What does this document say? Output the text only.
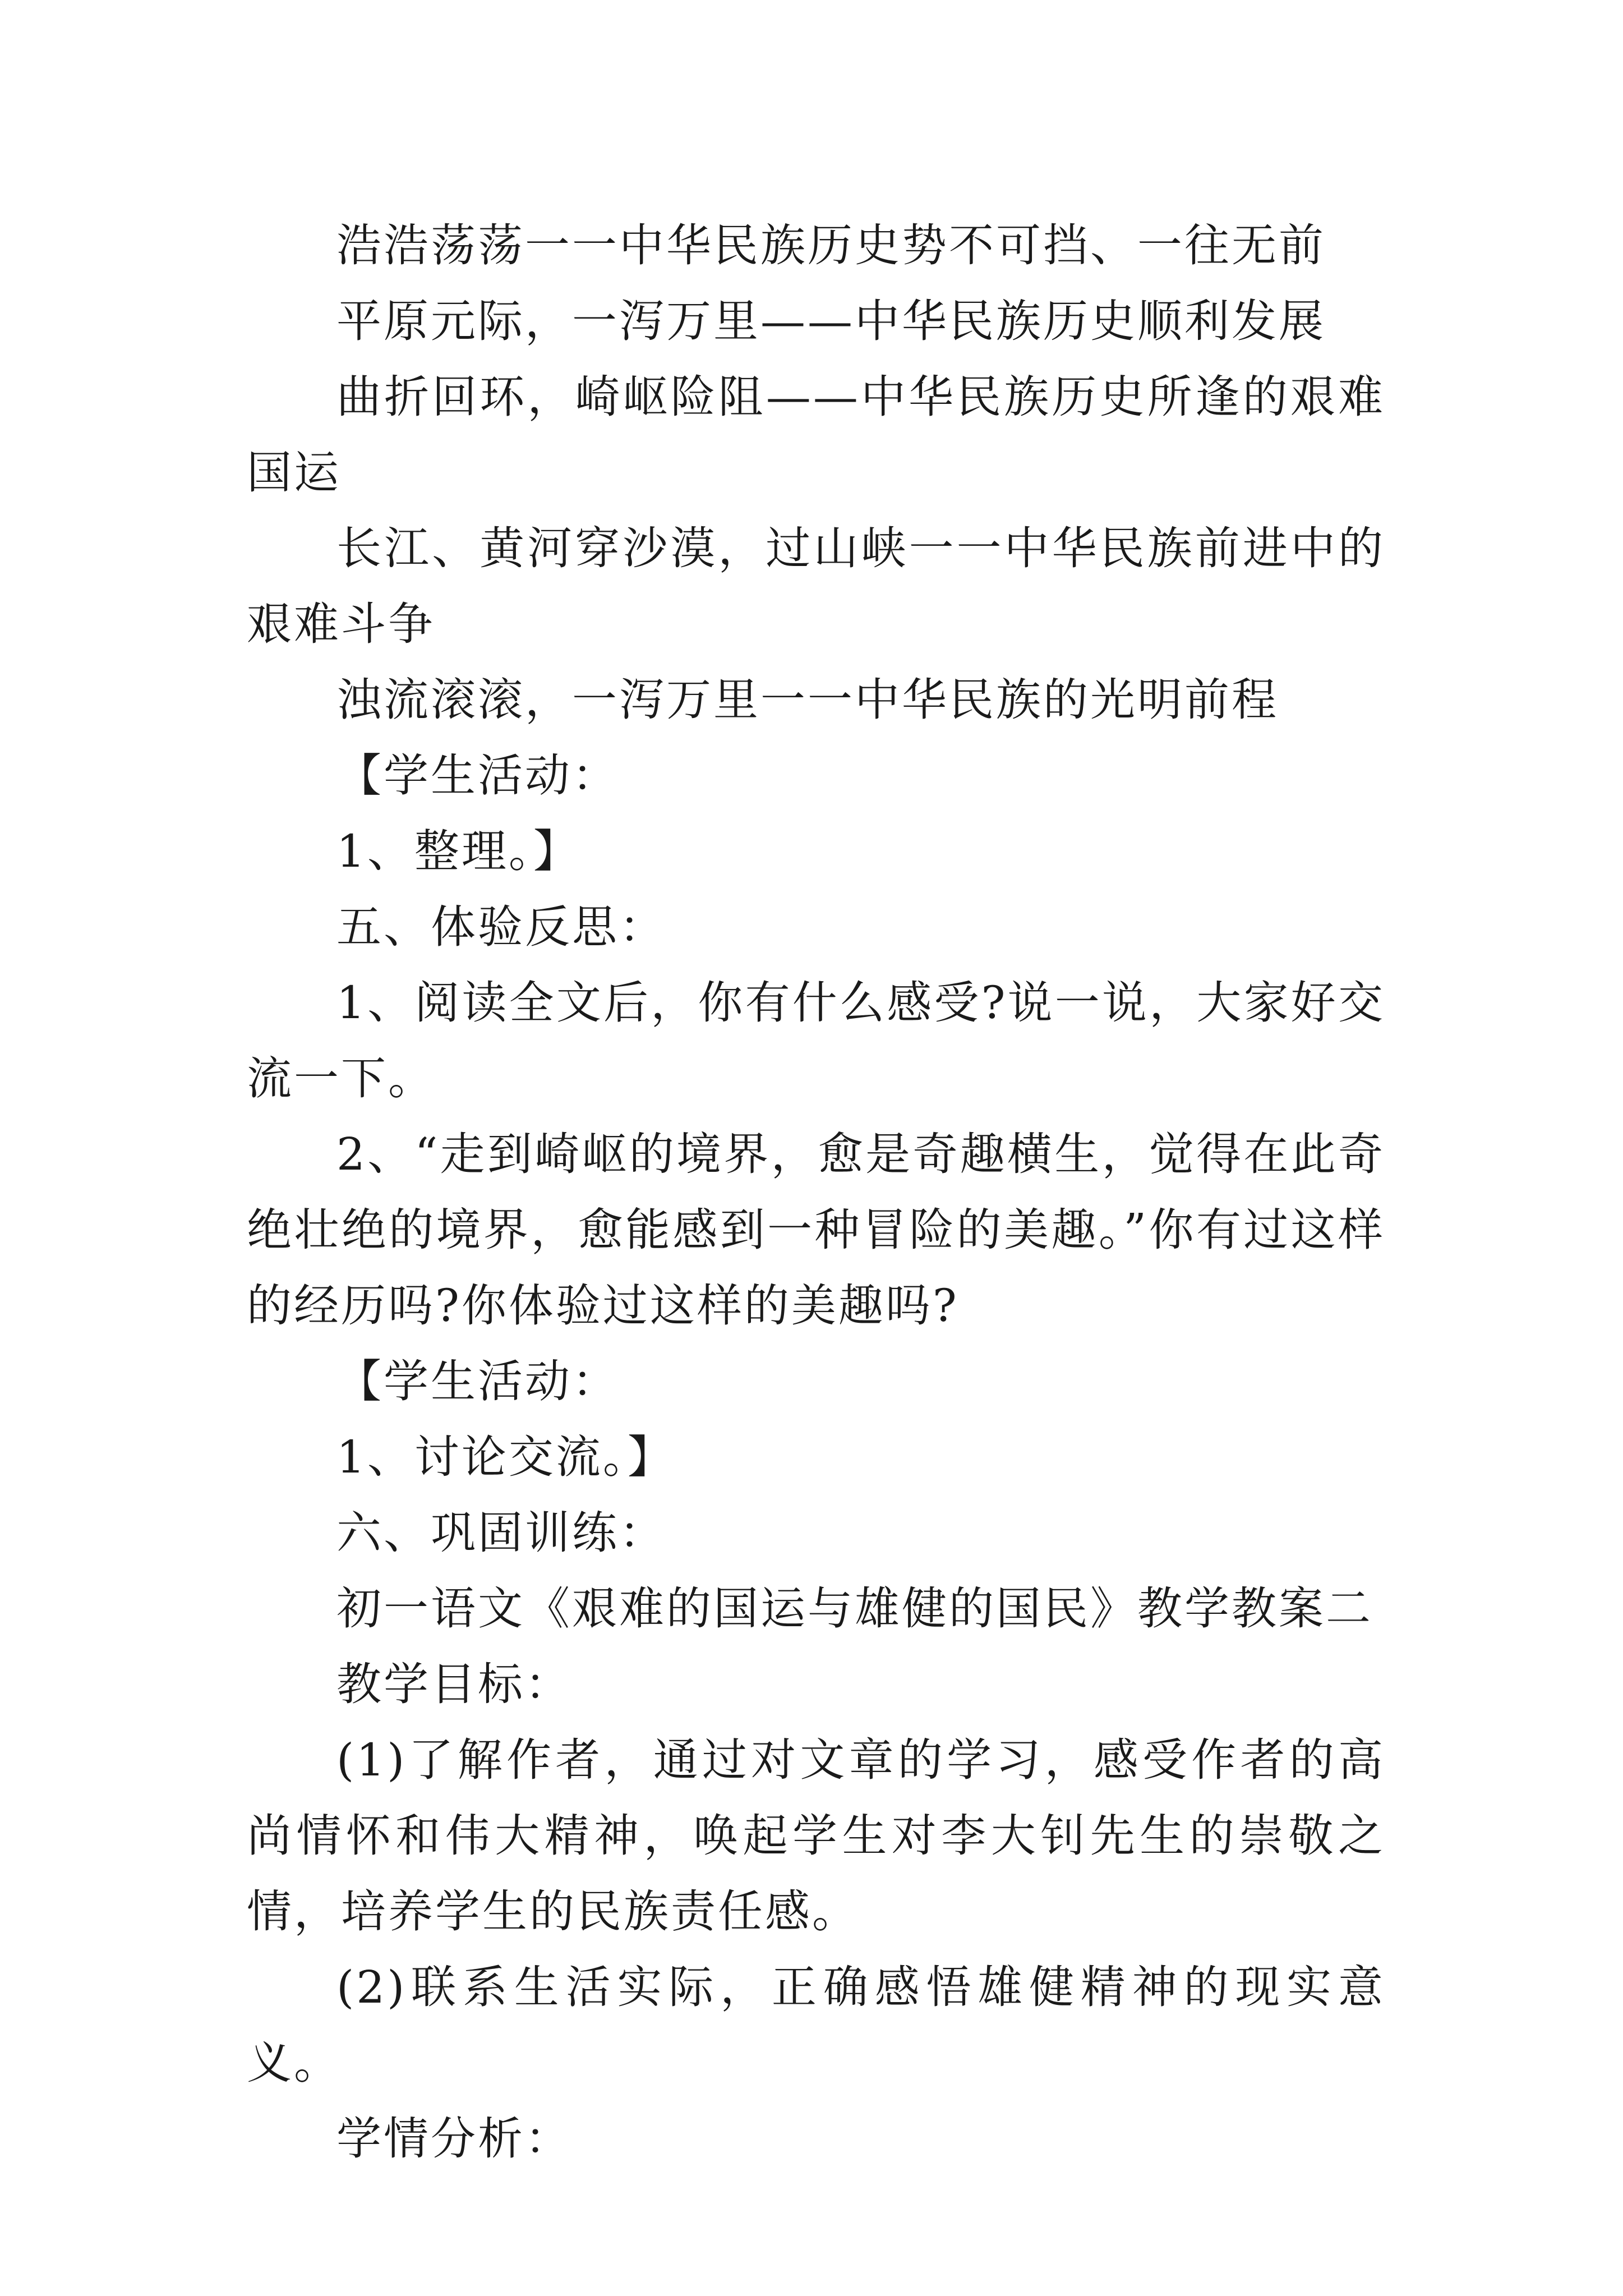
浩浩荡荡一一中华民族历史势不可挡、一往无前

平原元际，一泻万里——中华民族历史顺利发展

曲折回环，崎岖险阻——中华民族历史所逢的艰难国运

长江、黄河穿沙漠，过山峡一一中华民族前进中的艰难斗争

浊流滚滚，一泻万里一一中华民族的光明前程

【学生活动：

1、整理。】

五、体验反思：

1、阅读全文后，你有什么感受?说一说，大家好交流一下。

2、“走到崎岖的境界，愈是奇趣横生，觉得在此奇绝壮绝的境界，愈能感到一种冒险的美趣。”你有过这样的经历吗?你体验过这样的美趣吗?

【学生活动：

1、讨论交流。】

六、巩固训练：

初一语文《艰难的国运与雄健的国民》教学教案二

教学目标：

(1)了解作者，通过对文章的学习，感受作者的高尚情怀和伟大精神，唤起学生对李大钊先生的崇敬之情，培养学生的民族责任感。

(2)联系生活实际，正确感悟雄健精神的现实意义。

学情分析：
